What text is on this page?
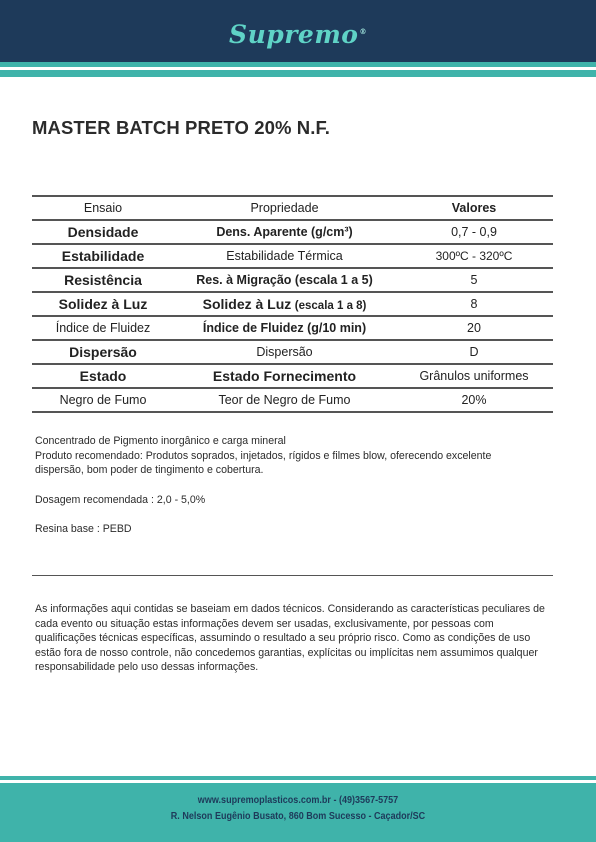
Supremo®
MASTER BATCH PRETO 20% N.F.
Ensaio	Propriedade	Valores
Densidade	Dens. Aparente (g/cm³)	0,7 - 0,9
Estabilidade	Estabilidade Térmica	300ºC - 320ºC
Resistência	Res. à Migração (escala 1 a 5)	5
Solidez à Luz	Solidez à Luz (escala 1 a 8)	8
Índice de Fluidez	Índice de Fluidez (g/10 min)	20
Dispersão	Dispersão	D
Estado	Estado Fornecimento	Grânulos uniformes
Negro de Fumo	Teor de Negro de Fumo	20%

Concentrado de Pigmento inorgânico e carga mineral

Produto recomendado: Produtos soprados, injetados, rígidos e filmes blow, oferecendo excelente dispersão, bom poder de tingimento e cobertura.

Dosagem recomendada : 2,0 - 5,0%

Resina base : PEBD

As informações aqui contidas se baseiam em dados técnicos. Considerando as características peculiares de cada evento ou situação estas informações devem ser usadas, exclusivamente, por pessoas com qualificações técnicas específicas, assumindo o resultado a seu próprio risco. Como as condições de uso estão fora de nosso controle, não concedemos garantias, explícitas ou implícitas nem assumimos qualquer responsabilidade pelo uso dessas informações.
www.supremoplasticos.com.br - (49)3567-5757
R. Nelson Eugênio Busato, 860 Bom Sucesso - Caçador/SC
